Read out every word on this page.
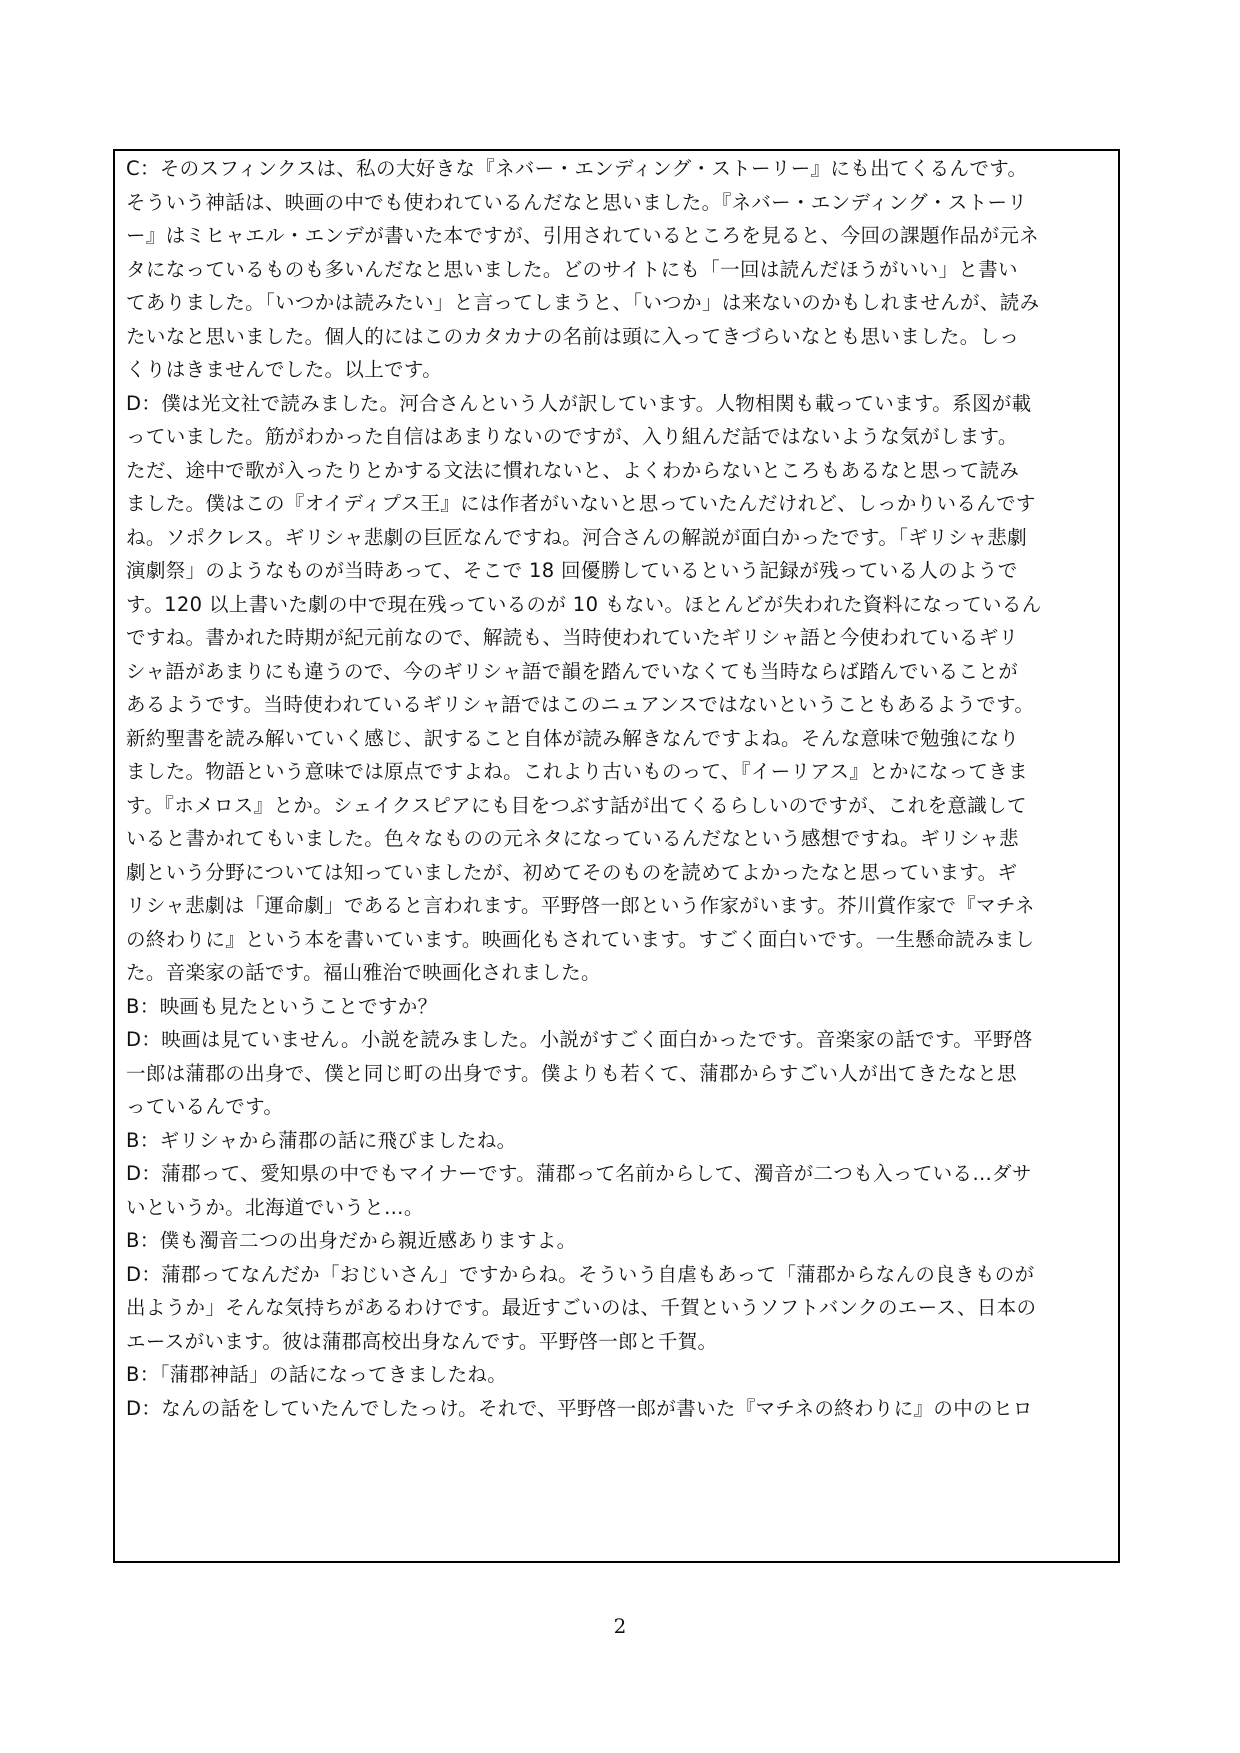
C：そのスフィンクスは、私の大好きな『ネバー・エンディング・ストーリー』にも出てくるんです。
そういう神話は、映画の中でも使われているんだなと思いました。『ネバー・エンディング・ストーリ
ー』はミヒャエル・エンデが書いた本ですが、引用されているところを見ると、今回の課題作品が元ネ
タになっているものも多いんだなと思いました。どのサイトにも「一回は読んだほうがいい」と書い
てありました。「いつかは読みたい」と言ってしまうと、「いつか」は来ないのかもしれませんが、読み
たいなと思いました。個人的にはこのカタカナの名前は頭に入ってきづらいなとも思いました。しっ
くりはきませんでした。以上です。
D：僕は光文社で読みました。河合さんという人が訳しています。人物相関も載っています。系図が載
っていました。筋がわかった自信はあまりないのですが、入り組んだ話ではないような気がします。
ただ、途中で歌が入ったりとかする文法に慣れないと、よくわからないところもあるなと思って読み
ました。僕はこの『オイディプス王』には作者がいないと思っていたんだけれど、しっかりいるんです
ね。ソポクレス。ギリシャ悲劇の巨匠なんですね。河合さんの解説が面白かったです。「ギリシャ悲劇
演劇祭」のようなものが当時あって、そこで 18 回優勝しているという記録が残っている人のようで
す。120 以上書いた劇の中で現在残っているのが 10 もない。ほとんどが失われた資料になっているん
ですね。書かれた時期が紀元前なので、解読も、当時使われていたギリシャ語と今使われているギリ
シャ語があまりにも違うので、今のギリシャ語で韻を踏んでいなくても当時ならば踏んでいることが
あるようです。当時使われているギリシャ語ではこのニュアンスではないということもあるようです。
新約聖書を読み解いていく感じ、訳すること自体が読み解きなんですよね。そんな意味で勉強になり
ました。物語という意味では原点ですよね。これより古いものって、『イーリアス』とかになってきま
す。『ホメロス』とか。シェイクスピアにも目をつぶす話が出てくるらしいのですが、これを意識して
いると書かれてもいました。色々なものの元ネタになっているんだなという感想ですね。ギリシャ悲
劇という分野については知っていましたが、初めてそのものを読めてよかったなと思っています。ギ
リシャ悲劇は「運命劇」であると言われます。平野啓一郎という作家がいます。芥川賞作家で『マチネ
の終わりに』という本を書いています。映画化もされています。すごく面白いです。一生懸命読みまし
た。音楽家の話です。福山雅治で映画化されました。
B：映画も見たということですか？
D：映画は見ていません。小説を読みました。小説がすごく面白かったです。音楽家の話です。平野啓
一郎は蒲郡の出身で、僕と同じ町の出身です。僕よりも若くて、蒲郡からすごい人が出てきたなと思
っているんです。
B：ギリシャから蒲郡の話に飛びましたね。
D：蒲郡って、愛知県の中でもマイナーです。蒲郡って名前からして、濁音が二つも入っている…ダサ
いというか。北海道でいうと…。
B：僕も濁音二つの出身だから親近感ありますよ。
D：蒲郡ってなんだか「おじいさん」ですからね。そういう自虐もあって「蒲郡からなんの良きものが
出ようか」そんな気持ちがあるわけです。最近すごいのは、千賀というソフトバンクのエース、日本の
エースがいます。彼は蒲郡高校出身なんです。平野啓一郎と千賀。
B：「蒲郡神話」の話になってきましたね。
D：なんの話をしていたんでしたっけ。それで、平野啓一郎が書いた『マチネの終わりに』の中のヒロ
2
